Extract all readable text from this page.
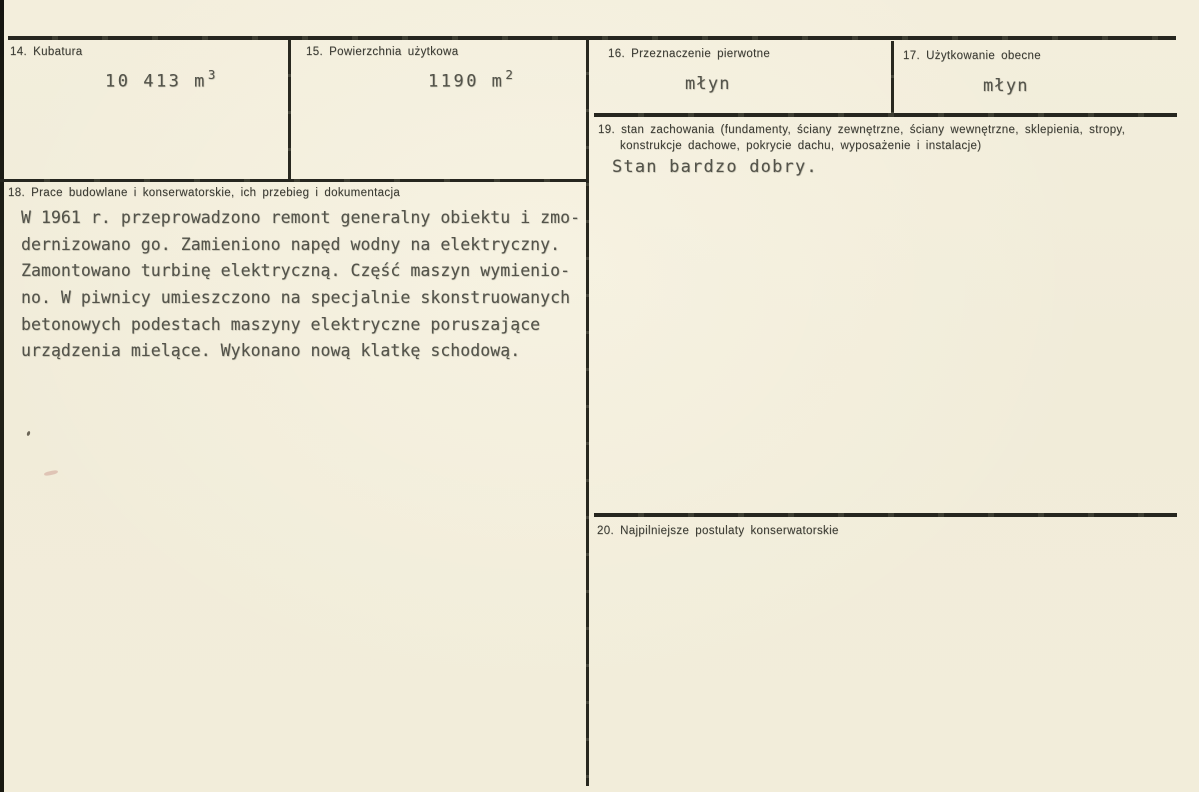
14. Kubatura
10 413 $m^3$
15. Powierzchnia użytkowa
1190 $m^2$
16. Przeznaczenie pierwotne
młyn
17. Użytkowanie obecne
młyn
18. Prace budowlane i konserwatorskie, ich przebieg i dokumentacja
W 1961 r. przeprowadzono remont generalny obiektu i zmo-
dernizowano go. Zamieniono napęd wodny na elektryczny.
Zamontowano turbinę elektryczną. Część maszyn wymienio-
no. W piwnicy umieszczono na specjalnie skonstruowanych
betonowych podestach maszyny elektryczne poruszające
urządzenia mielące. Wykonano nową klatkę schodową.
19. stan zachowania (fundamenty, ściany zewnętrzne, ściany wewnętrzne, sklepienia, stropy,
konstrukcje dachowe, pokrycie dachu, wyposażenie i instalacje)
Stan bardzo dobry.
20. Najpilniejsze postulaty konserwatorskie
